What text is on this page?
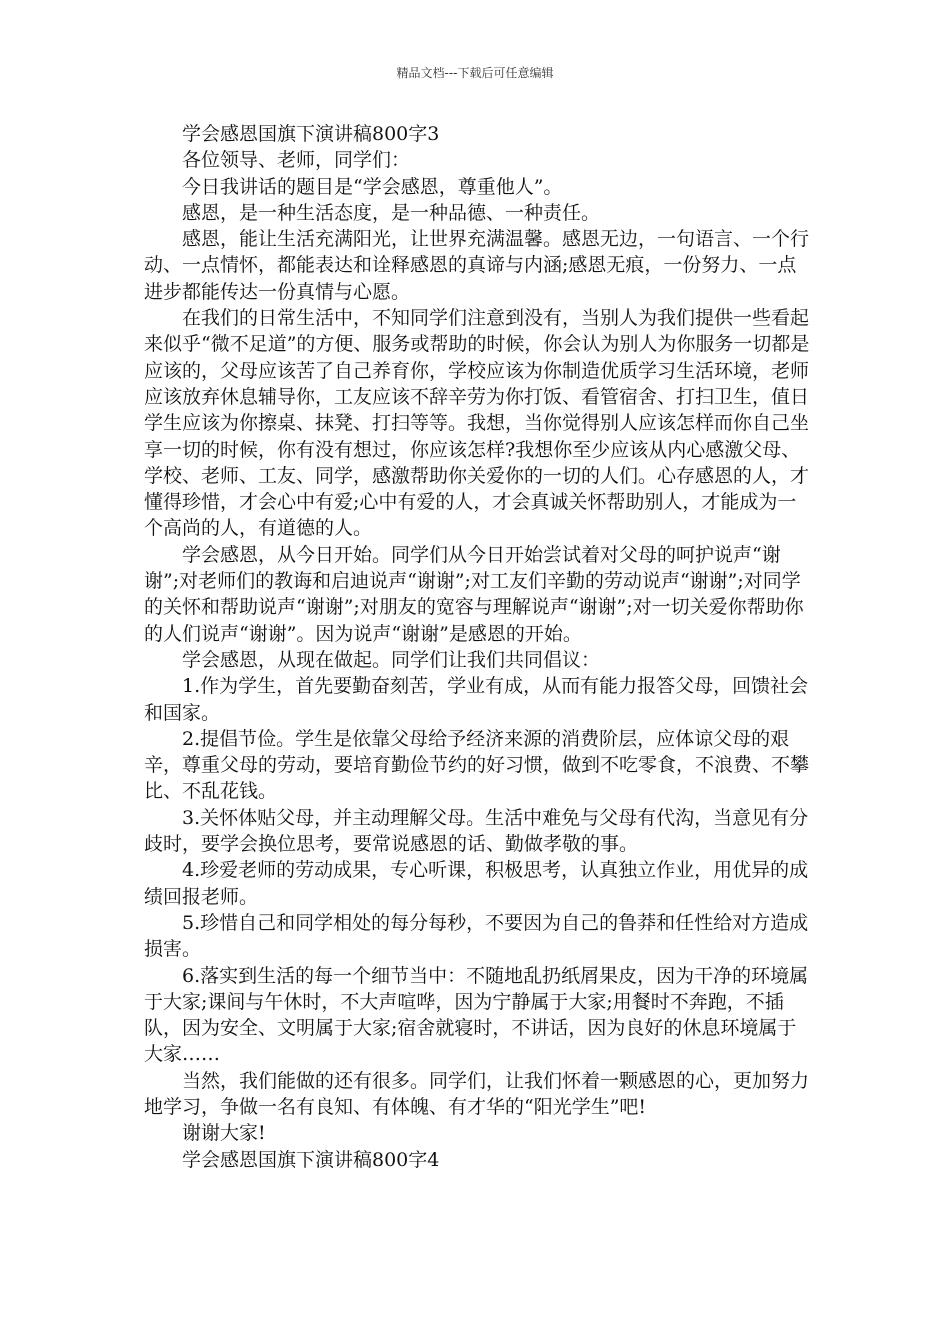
精品文档---下载后可任意编辑

学会感恩国旗下演讲稿800字3

各位领导、老师，同学们：

今日我讲话的题目是“学会感恩，尊重他人”。

感恩，是一种生活态度，是一种品德、一种责任。

感恩，能让生活充满阳光，让世界充满温馨。感恩无边，一句语言、一个行动、一点情怀，都能表达和诠释感恩的真谛与内涵;感恩无痕，一份努力、一点进步都能传达一份真情与心愿。

在我们的日常生活中，不知同学们注意到没有，当别人为我们提供一些看起来似乎“微不足道”的方便、服务或帮助的时候，你会认为别人为你服务一切都是应该的，父母应该苦了自己养育你，学校应该为你制造优质学习生活环境，老师应该放弃休息辅导你，工友应该不辞辛劳为你打饭、看管宿舍、打扫卫生，值日学生应该为你擦桌、抹凳、打扫等等。我想，当你觉得别人应该怎样而你自己坐享一切的时候，你有没有想过，你应该怎样?我想你至少应该从内心感激父母、学校、老师、工友、同学，感激帮助你关爱你的一切的人们。心存感恩的人，才懂得珍惜，才会心中有爱;心中有爱的人，才会真诚关怀帮助别人，才能成为一个高尚的人，有道德的人。

学会感恩，从今日开始。同学们从今日开始尝试着对父母的呵护说声“谢谢”;对老师们的教诲和启迪说声“谢谢”;对工友们辛勤的劳动说声“谢谢”;对同学的关怀和帮助说声“谢谢”;对朋友的宽容与理解说声“谢谢”;对一切关爱你帮助你的人们说声“谢谢”。因为说声“谢谢”是感恩的开始。

学会感恩，从现在做起。同学们让我们共同倡议：

1.作为学生，首先要勤奋刻苦，学业有成，从而有能力报答父母，回馈社会和国家。

2.提倡节俭。学生是依靠父母给予经济来源的消费阶层，应体谅父母的艰辛，尊重父母的劳动，要培育勤俭节约的好习惯，做到不吃零食，不浪费、不攀比、不乱花钱。

3.关怀体贴父母，并主动理解父母。生活中难免与父母有代沟，当意见有分歧时，要学会换位思考，要常说感恩的话、勤做孝敬的事。

4.珍爱老师的劳动成果，专心听课，积极思考，认真独立作业，用优异的成绩回报老师。

5.珍惜自己和同学相处的每分每秒，不要因为自己的鲁莽和任性给对方造成损害。

6.落实到生活的每一个细节当中：不随地乱扔纸屑果皮，因为干净的环境属于大家;课间与午休时，不大声喧哗，因为宁静属于大家;用餐时不奔跑，不插队，因为安全、文明属于大家;宿舍就寝时，不讲话，因为良好的休息环境属于大家……

当然，我们能做的还有很多。同学们，让我们怀着一颗感恩的心，更加努力地学习，争做一名有良知、有体魄、有才华的“阳光学生”吧!

谢谢大家!

学会感恩国旗下演讲稿800字4
